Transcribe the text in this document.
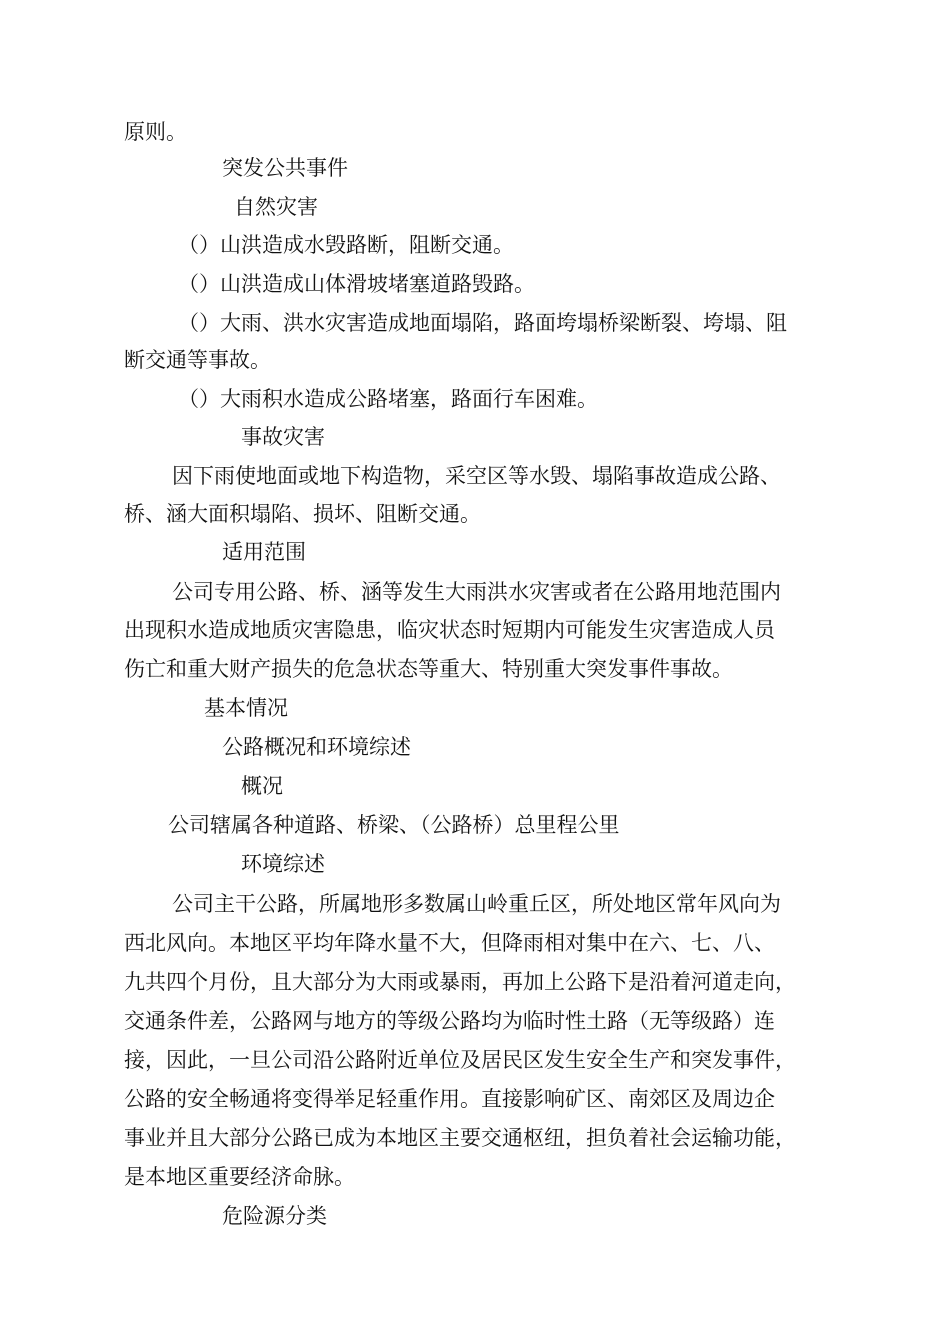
原则。
突发公共事件
自然灾害
（）山洪造成水毁路断，阻断交通。
（）山洪造成山体滑坡堵塞道路毁路。
（）大雨、洪水灾害造成地面塌陷，路面垮塌桥梁断裂、垮塌、阻
断交通等事故。
（）大雨积水造成公路堵塞，路面行车困难。
事故灾害
因下雨使地面或地下构造物，采空区等水毁、塌陷事故造成公路、
桥、涵大面积塌陷、损坏、阻断交通。
适用范围
公司专用公路、桥、涵等发生大雨洪水灾害或者在公路用地范围内
出现积水造成地质灾害隐患，临灾状态时短期内可能发生灾害造成人员
伤亡和重大财产损失的危急状态等重大、特别重大突发事件事故。
基本情况
公路概况和环境综述
概况
公司辖属各种道路、桥梁、（公路桥）总里程公里
环境综述
公司主干公路，所属地形多数属山岭重丘区，所处地区常年风向为
西北风向。本地区平均年降水量不大，但降雨相对集中在六、七、八、
九共四个月份，且大部分为大雨或暴雨，再加上公路下是沿着河道走向，
交通条件差，公路网与地方的等级公路均为临时性土路（无等级路）连
接，因此，一旦公司沿公路附近单位及居民区发生安全生产和突发事件，
公路的安全畅通将变得举足轻重作用。直接影响矿区、南郊区及周边企
事业并且大部分公路已成为本地区主要交通枢纽，担负着社会运输功能，
是本地区重要经济命脉。
危险源分类
